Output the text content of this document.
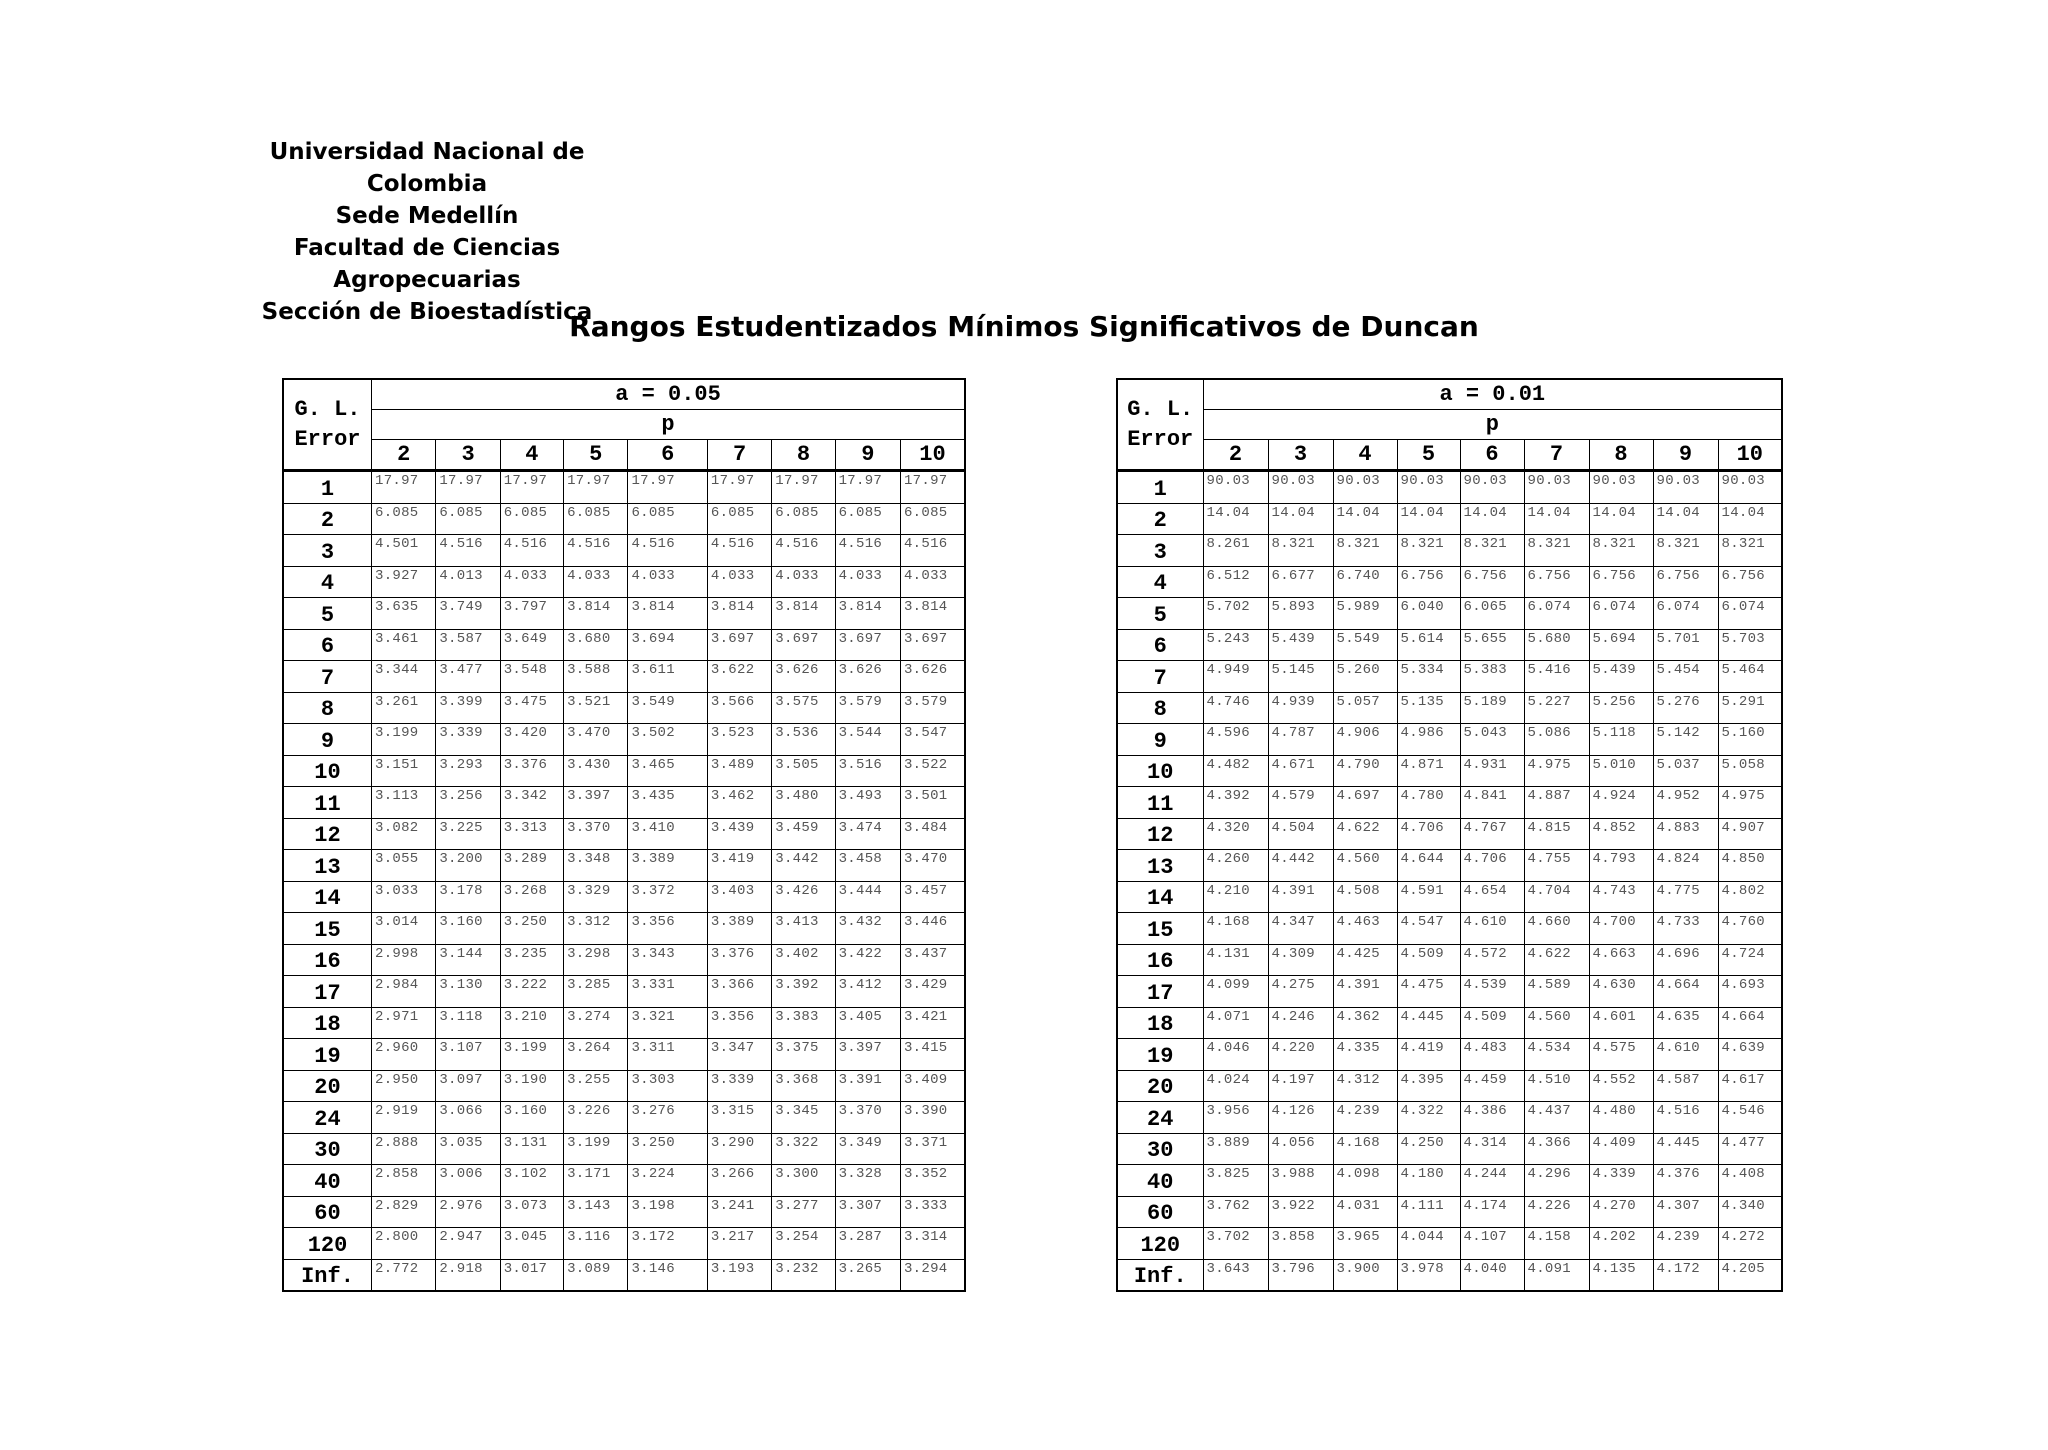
Universidad Nacional de Colombia
Sede Medellín
Facultad de Ciencias Agropecuarias
Sección de Bioestadística
Rangos Estudentizados Mínimos Significativos de Duncan
G. L.
Error	a = 0.05								
	p								
	2	3	4	5	6	7	8	9	10
1	17.97	17.97	17.97	17.97	17.97	17.97	17.97	17.97	17.97
2	6.085	6.085	6.085	6.085	6.085	6.085	6.085	6.085	6.085
3	4.501	4.516	4.516	4.516	4.516	4.516	4.516	4.516	4.516
4	3.927	4.013	4.033	4.033	4.033	4.033	4.033	4.033	4.033
5	3.635	3.749	3.797	3.814	3.814	3.814	3.814	3.814	3.814
6	3.461	3.587	3.649	3.680	3.694	3.697	3.697	3.697	3.697
7	3.344	3.477	3.548	3.588	3.611	3.622	3.626	3.626	3.626
8	3.261	3.399	3.475	3.521	3.549	3.566	3.575	3.579	3.579
9	3.199	3.339	3.420	3.470	3.502	3.523	3.536	3.544	3.547
10	3.151	3.293	3.376	3.430	3.465	3.489	3.505	3.516	3.522
11	3.113	3.256	3.342	3.397	3.435	3.462	3.480	3.493	3.501
12	3.082	3.225	3.313	3.370	3.410	3.439	3.459	3.474	3.484
13	3.055	3.200	3.289	3.348	3.389	3.419	3.442	3.458	3.470
14	3.033	3.178	3.268	3.329	3.372	3.403	3.426	3.444	3.457
15	3.014	3.160	3.250	3.312	3.356	3.389	3.413	3.432	3.446
16	2.998	3.144	3.235	3.298	3.343	3.376	3.402	3.422	3.437
17	2.984	3.130	3.222	3.285	3.331	3.366	3.392	3.412	3.429
18	2.971	3.118	3.210	3.274	3.321	3.356	3.383	3.405	3.421
19	2.960	3.107	3.199	3.264	3.311	3.347	3.375	3.397	3.415
20	2.950	3.097	3.190	3.255	3.303	3.339	3.368	3.391	3.409
24	2.919	3.066	3.160	3.226	3.276	3.315	3.345	3.370	3.390
30	2.888	3.035	3.131	3.199	3.250	3.290	3.322	3.349	3.371
40	2.858	3.006	3.102	3.171	3.224	3.266	3.300	3.328	3.352
60	2.829	2.976	3.073	3.143	3.198	3.241	3.277	3.307	3.333
120	2.800	2.947	3.045	3.116	3.172	3.217	3.254	3.287	3.314
Inf.	2.772	2.918	3.017	3.089	3.146	3.193	3.232	3.265	3.294
G. L.
Error	a = 0.01								
	p								
	2	3	4	5	6	7	8	9	10
1	90.03	90.03	90.03	90.03	90.03	90.03	90.03	90.03	90.03
2	14.04	14.04	14.04	14.04	14.04	14.04	14.04	14.04	14.04
3	8.261	8.321	8.321	8.321	8.321	8.321	8.321	8.321	8.321
4	6.512	6.677	6.740	6.756	6.756	6.756	6.756	6.756	6.756
5	5.702	5.893	5.989	6.040	6.065	6.074	6.074	6.074	6.074
6	5.243	5.439	5.549	5.614	5.655	5.680	5.694	5.701	5.703
7	4.949	5.145	5.260	5.334	5.383	5.416	5.439	5.454	5.464
8	4.746	4.939	5.057	5.135	5.189	5.227	5.256	5.276	5.291
9	4.596	4.787	4.906	4.986	5.043	5.086	5.118	5.142	5.160
10	4.482	4.671	4.790	4.871	4.931	4.975	5.010	5.037	5.058
11	4.392	4.579	4.697	4.780	4.841	4.887	4.924	4.952	4.975
12	4.320	4.504	4.622	4.706	4.767	4.815	4.852	4.883	4.907
13	4.260	4.442	4.560	4.644	4.706	4.755	4.793	4.824	4.850
14	4.210	4.391	4.508	4.591	4.654	4.704	4.743	4.775	4.802
15	4.168	4.347	4.463	4.547	4.610	4.660	4.700	4.733	4.760
16	4.131	4.309	4.425	4.509	4.572	4.622	4.663	4.696	4.724
17	4.099	4.275	4.391	4.475	4.539	4.589	4.630	4.664	4.693
18	4.071	4.246	4.362	4.445	4.509	4.560	4.601	4.635	4.664
19	4.046	4.220	4.335	4.419	4.483	4.534	4.575	4.610	4.639
20	4.024	4.197	4.312	4.395	4.459	4.510	4.552	4.587	4.617
24	3.956	4.126	4.239	4.322	4.386	4.437	4.480	4.516	4.546
30	3.889	4.056	4.168	4.250	4.314	4.366	4.409	4.445	4.477
40	3.825	3.988	4.098	4.180	4.244	4.296	4.339	4.376	4.408
60	3.762	3.922	4.031	4.111	4.174	4.226	4.270	4.307	4.340
120	3.702	3.858	3.965	4.044	4.107	4.158	4.202	4.239	4.272
Inf.	3.643	3.796	3.900	3.978	4.040	4.091	4.135	4.172	4.205
